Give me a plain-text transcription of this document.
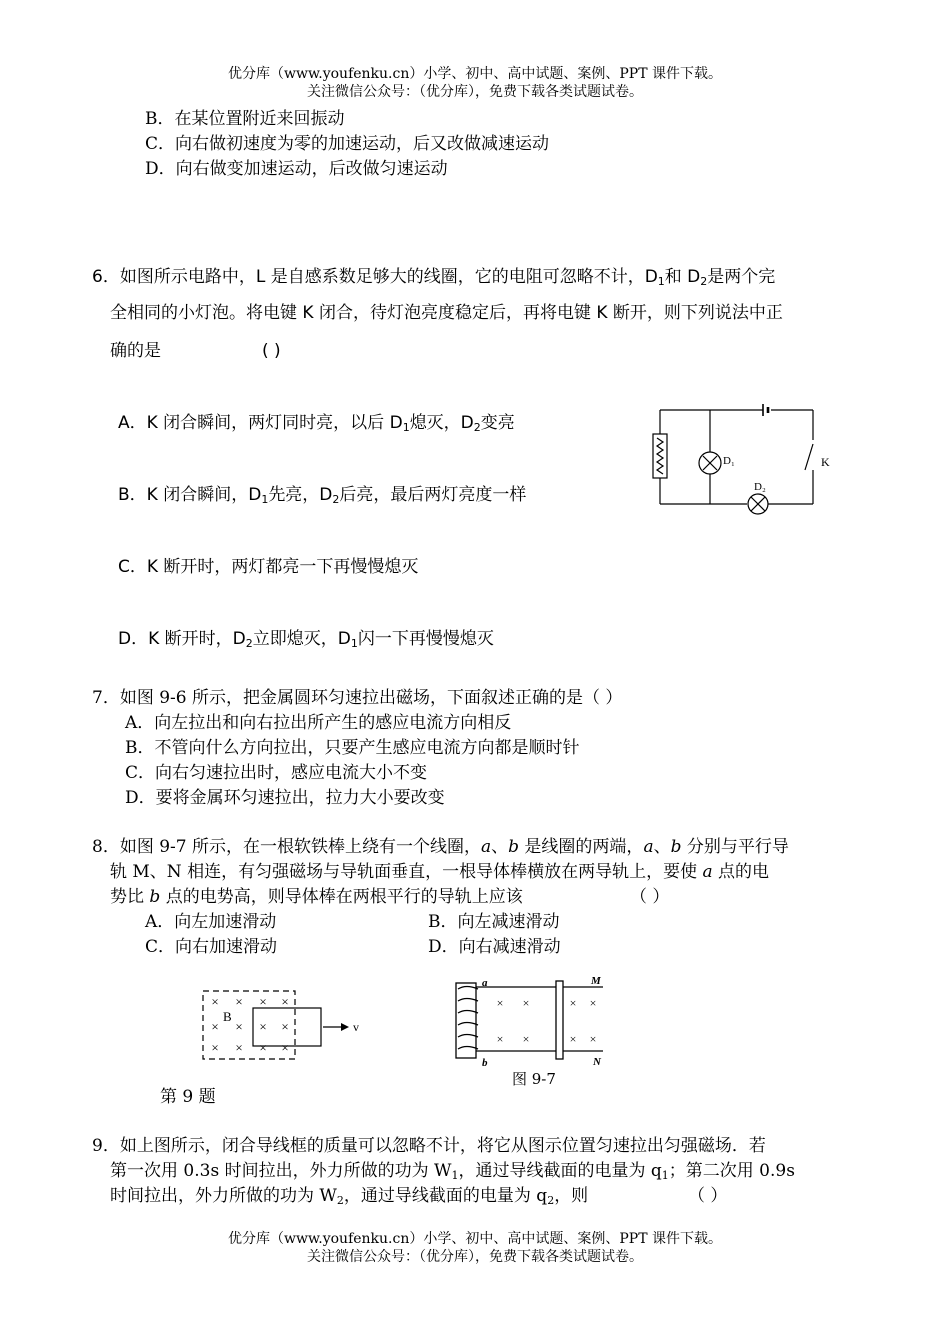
优分库（www.youfenku.cn）小学、初中、高中试题、案例、PPT 课件下载。
关注微信公众号：（优分库），免费下载各类试题试卷。
B．在某位置附近来回振动
C．向右做初速度为零的加速运动，后又改做减速运动
D．向右做变加速运动，后改做匀速运动
6．如图所示电路中，L 是自感系数足够大的线圈，它的电阻可忽略不计，$D_1$和 $D_2$是两个完
全相同的小灯泡。将电键 K 闭合，待灯泡亮度稳定后，再将电键 K 断开，则下列说法中正
确的是	( )
A．K 闭合瞬间，两灯同时亮，以后 $D_1$熄灭，$D_2$变亮
B．K 闭合瞬间，$D_1$先亮，$D_2$后亮，最后两灯亮度一样
C．K 断开时，两灯都亮一下再慢慢熄灭
D．K 断开时，$D_2$立即熄灭，$D_1$闪一下再慢慢熄灭
D₁
D₂
K
7．如图 9-6 所示，把金属圆环匀速拉出磁场，下面叙述正确的是（ ）
A．向左拉出和向右拉出所产生的感应电流方向相反
B．不管向什么方向拉出，只要产生感应电流方向都是顺时针
C．向右匀速拉出时，感应电流大小不变
D．要将金属环匀速拉出，拉力大小要改变
8．如图 9-7 所示，在一根软铁棒上绕有一个线圈，a、b 是线圈的两端，a、b 分别与平行导
轨 M、N 相连，有匀强磁场与导轨面垂直，一根导体棒横放在两导轨上，要使 a 点的电
势比 b 点的电势高，则导体棒在两根平行的导轨上应该	（ ）
A．向左加速滑动	B．向左减速滑动
C．向右加速滑动	D．向右减速滑动
× × × ×
× × × ×
× × × ×
B
v
第 9 题
× ×	× ×
× ×	× ×
a
b
M
N
图 9-7
9．如上图所示，闭合导线框的质量可以忽略不计，将它从图示位置匀速拉出匀强磁场．若
第一次用 0.3s 时间拉出，外力所做的功为 $W_1$，通过导线截面的电量为 $q_1$；第二次用 0.9s
时间拉出，外力所做的功为 $W_2$，通过导线截面的电量为 $q_2$，则	（ ）
优分库（www.youfenku.cn）小学、初中、高中试题、案例、PPT 课件下载。
关注微信公众号：（优分库），免费下载各类试题试卷。
